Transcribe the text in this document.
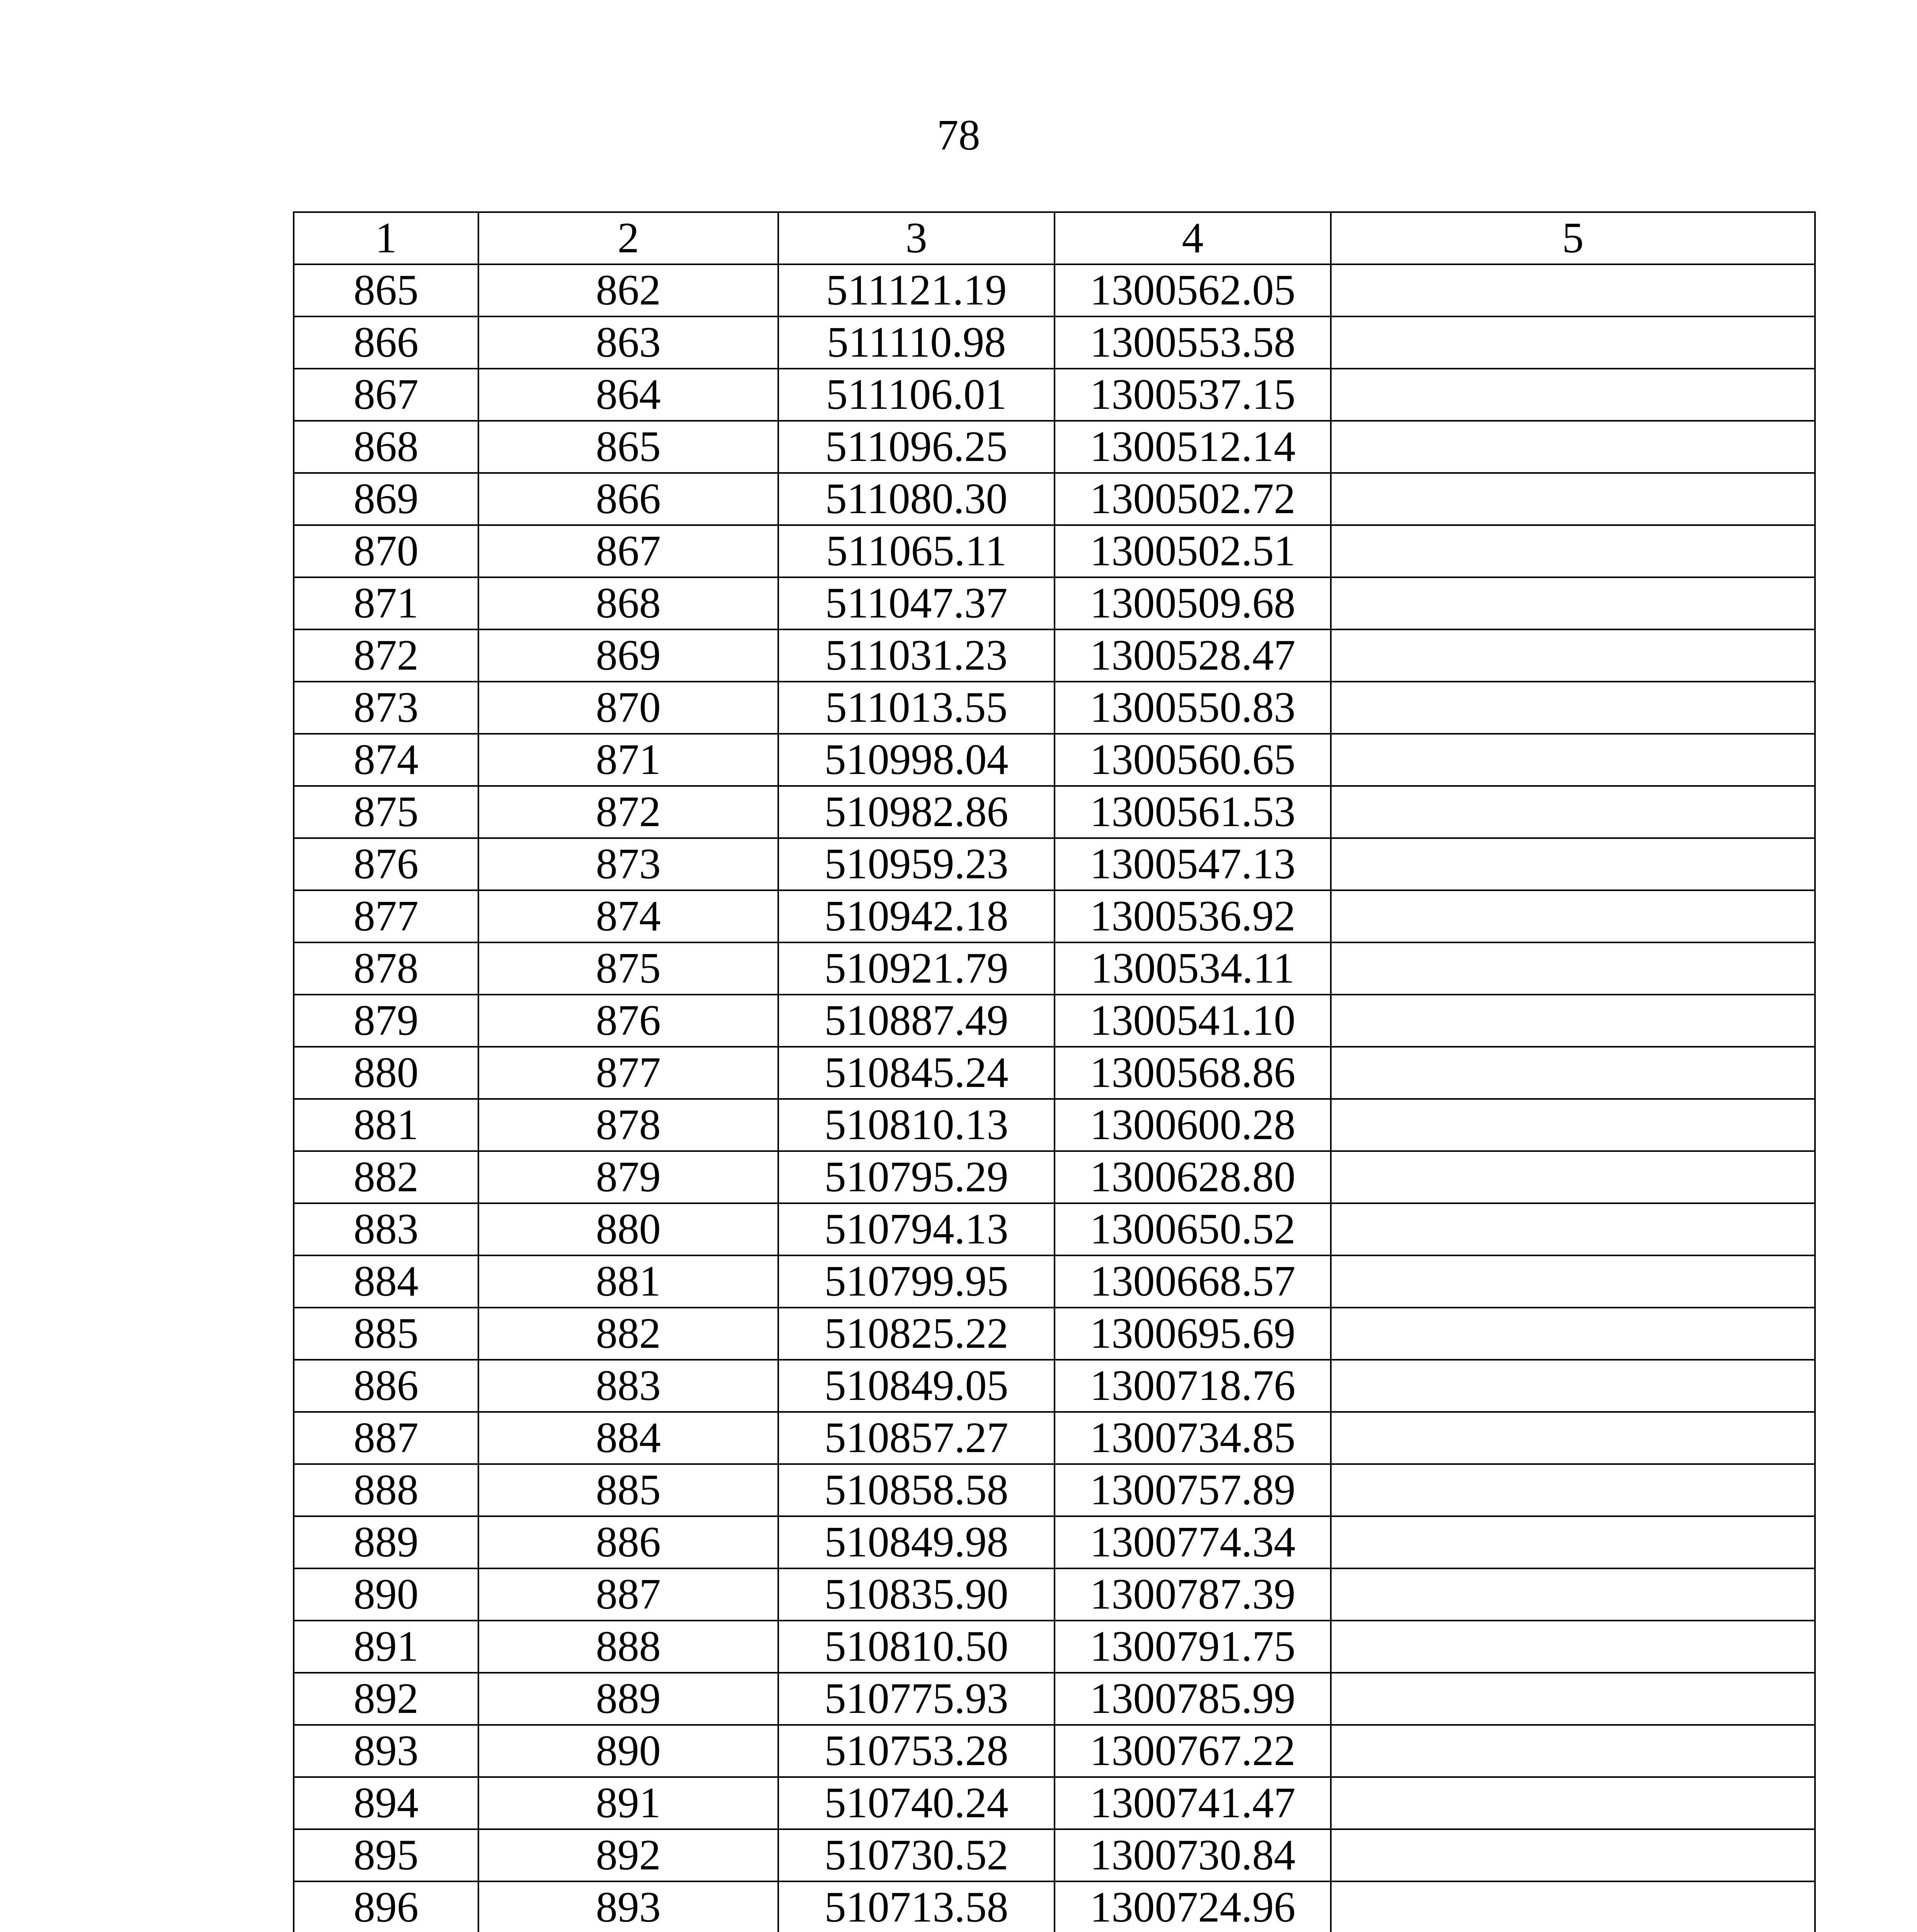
78
1	2	3	4	5
865	862	511121.19	1300562.05	
866	863	511110.98	1300553.58	
867	864	511106.01	1300537.15	
868	865	511096.25	1300512.14	
869	866	511080.30	1300502.72	
870	867	511065.11	1300502.51	
871	868	511047.37	1300509.68	
872	869	511031.23	1300528.47	
873	870	511013.55	1300550.83	
874	871	510998.04	1300560.65	
875	872	510982.86	1300561.53	
876	873	510959.23	1300547.13	
877	874	510942.18	1300536.92	
878	875	510921.79	1300534.11	
879	876	510887.49	1300541.10	
880	877	510845.24	1300568.86	
881	878	510810.13	1300600.28	
882	879	510795.29	1300628.80	
883	880	510794.13	1300650.52	
884	881	510799.95	1300668.57	
885	882	510825.22	1300695.69	
886	883	510849.05	1300718.76	
887	884	510857.27	1300734.85	
888	885	510858.58	1300757.89	
889	886	510849.98	1300774.34	
890	887	510835.90	1300787.39	
891	888	510810.50	1300791.75	
892	889	510775.93	1300785.99	
893	890	510753.28	1300767.22	
894	891	510740.24	1300741.47	
895	892	510730.52	1300730.84	
896	893	510713.58	1300724.96	
